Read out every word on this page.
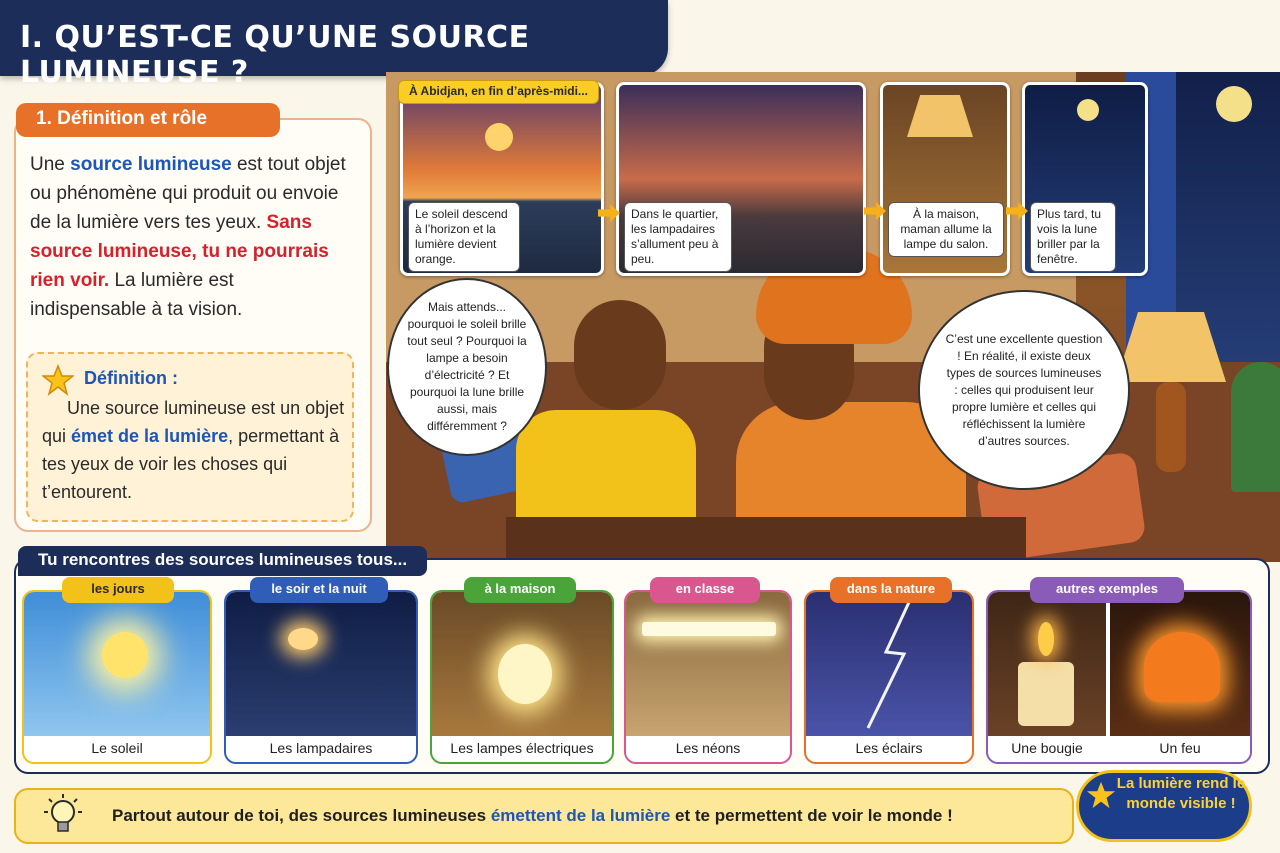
I. QU’EST-CE QU’UNE SOURCE LUMINEUSE ?
1. Définition et rôle
Une source lumineuse est tout objet ou phénomène qui produit ou envoie de la lumière vers tes yeux. Sans source lumineuse, tu ne pourrais rien voir. La lumière est indispensable à ta vision.
Définition :
Une source lumineuse est un objet qui émet de la lumière, permettant à tes yeux de voir les choses qui t’entourent.
À Abidjan, en fin d’après-midi...
Le soleil descend à l’horizon et la lumière devient orange.
Dans le quartier, les lampadaires s’allument peu à peu.
À la maison, maman allume la lampe du salon.
Plus tard, tu vois la lune briller par la fenêtre.
Mais attends... pourquoi le soleil brille tout seul ? Pourquoi la lampe a besoin d’électricité ? Et pourquoi la lune brille aussi, mais différemment ?
C’est une excellente question ! En réalité, il existe deux types de sources lumineuses : celles qui produisent leur propre lumière et celles qui réfléchissent la lumière d’autres sources.
Tu rencontres des sources lumineuses tous...
Le soleil	Les lampadaires	Les lampes électriques	Les néons	Les éclairs	Une bougie	Un feu
les jours	le soir et la nuit	à la maison	en classe	dans la nature	autres exemples
Partout autour de toi, des sources lumineuses émettent de la lumière et te permettent de voir le monde !
La lumière rend le monde visible !
